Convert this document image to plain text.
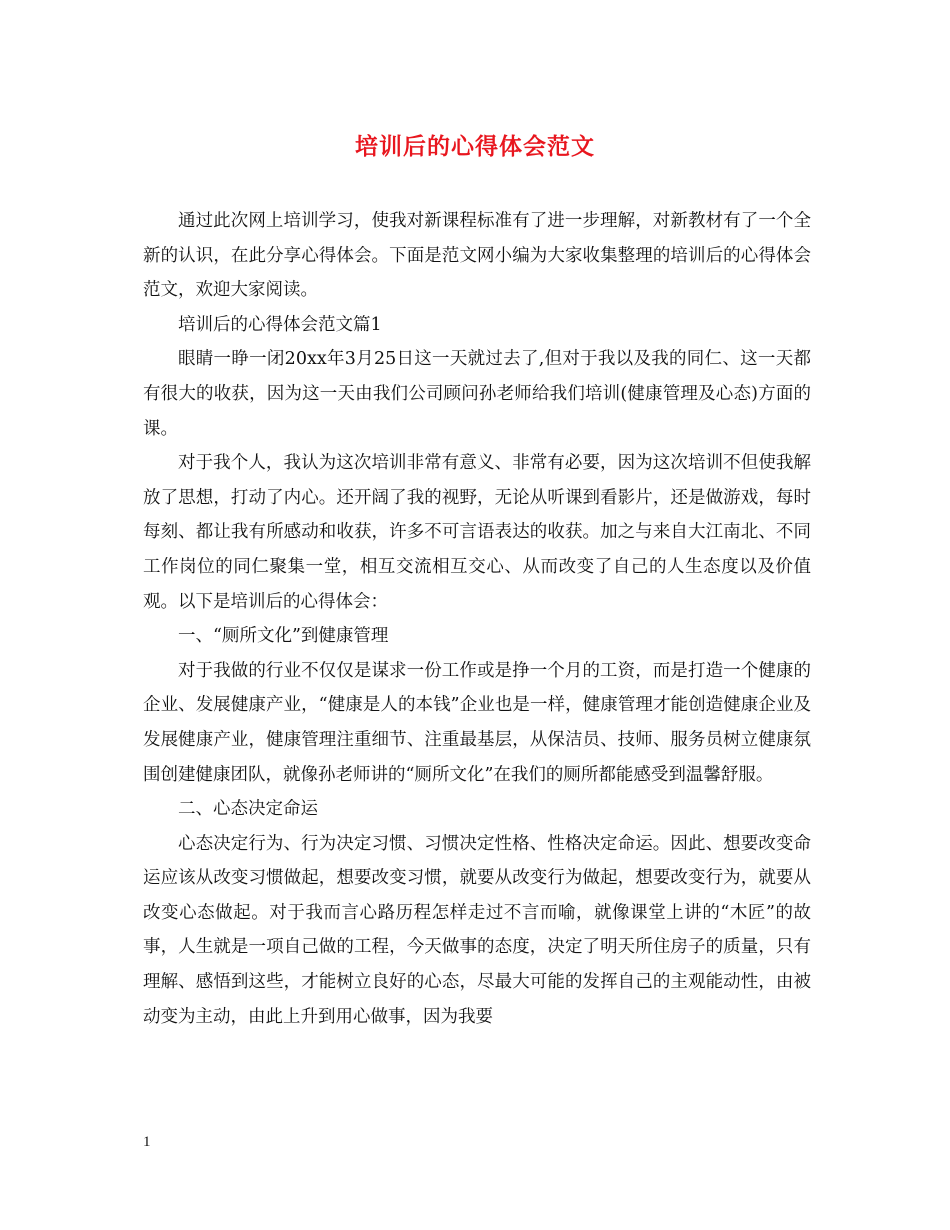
培训后的心得体会范文

通过此次网上培训学习，使我对新课程标准有了进一步理解，对新教材有了一个全新的认识，在此分享心得体会。下面是范文网小编为大家收集整理的培训后的心得体会范文，欢迎大家阅读。

培训后的心得体会范文篇1

眼睛一睁一闭20xx年3月25日这一天就过去了,但对于我以及我的同仁、这一天都有很大的收获，因为这一天由我们公司顾问孙老师给我们培训(健康管理及心态)方面的课。

对于我个人，我认为这次培训非常有意义、非常有必要，因为这次培训不但使我解放了思想，打动了内心。还开阔了我的视野，无论从听课到看影片，还是做游戏，每时每刻、都让我有所感动和收获，许多不可言语表达的收获。加之与来自大江南北、不同工作岗位的同仁聚集一堂，相互交流相互交心、从而改变了自己的人生态度以及价值观。以下是培训后的心得体会：

一、“厕所文化”到健康管理

对于我做的行业不仅仅是谋求一份工作或是挣一个月的工资，而是打造一个健康的企业、发展健康产业，“健康是人的本钱”企业也是一样，健康管理才能创造健康企业及发展健康产业，健康管理注重细节、注重最基层，从保洁员、技师、服务员树立健康氛围创建健康团队，就像孙老师讲的“厕所文化”在我们的厕所都能感受到温馨舒服。

二、心态决定命运

心态决定行为、行为决定习惯、习惯决定性格、性格决定命运。因此、想要改变命运应该从改变习惯做起，想要改变习惯，就要从改变行为做起，想要改变行为，就要从改变心态做起。对于我而言心路历程怎样走过不言而喻，就像课堂上讲的“木匠”的故事，人生就是一项自己做的工程，今天做事的态度，决定了明天所住房子的质量，只有理解、感悟到这些，才能树立良好的心态，尽最大可能的发挥自己的主观能动性，由被动变为主动，由此上升到用心做事，因为我要

1
